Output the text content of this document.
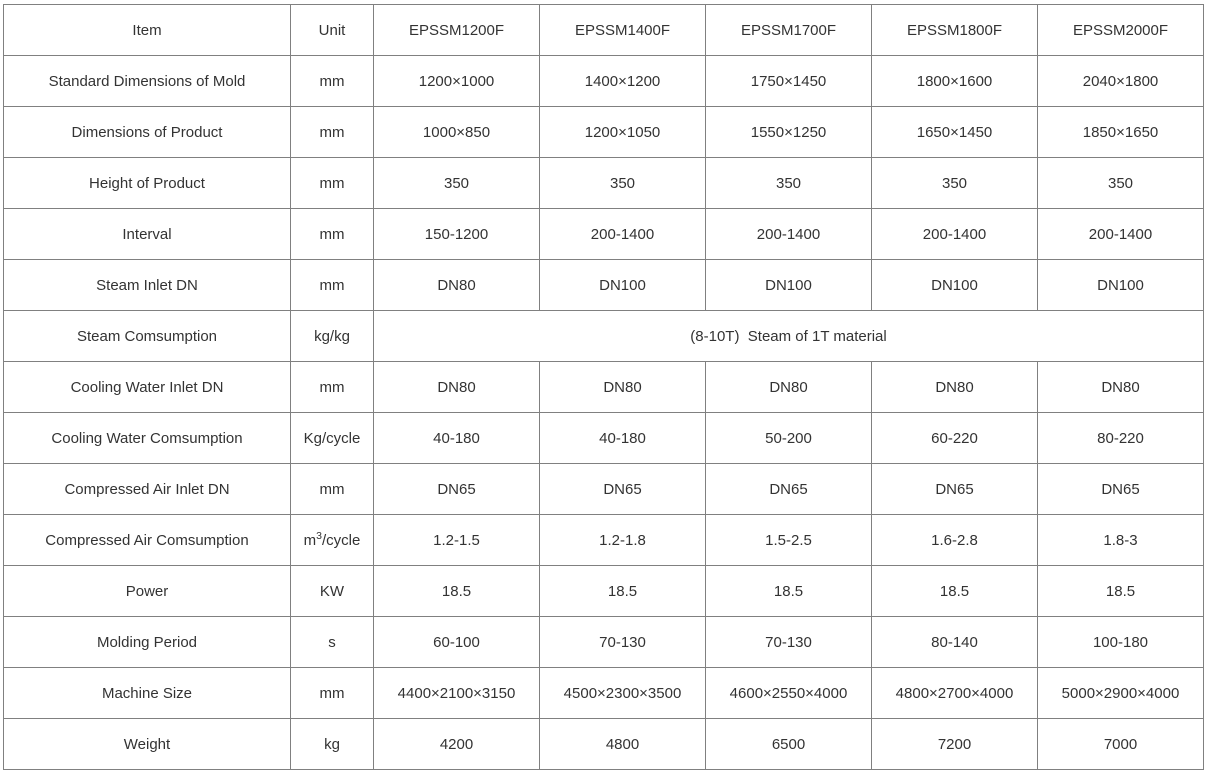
Item	Unit	EPSSM1200F	EPSSM1400F	EPSSM1700F	EPSSM1800F	EPSSM2000F
Standard Dimensions of Mold	mm	1200×1000	1400×1200	1750×1450	1800×1600	2040×1800
Dimensions of Product	mm	1000×850	1200×1050	1550×1250	1650×1450	1850×1650
Height of Product	mm	350	350	350	350	350
Interval	mm	150-1200	200-1400	200-1400	200-1400	200-1400
Steam Inlet DN	mm	DN80	DN100	DN100	DN100	DN100
Steam Comsumption	kg/kg	(8-10T)  Steam of 1T material				
Cooling Water Inlet DN	mm	DN80	DN80	DN80	DN80	DN80
Cooling Water Comsumption	Kg/cycle	40-180	40-180	50-200	60-220	80-220
Compressed Air Inlet DN	mm	DN65	DN65	DN65	DN65	DN65
Compressed Air Comsumption	$m^3$/cycle	1.2-1.5	1.2-1.8	1.5-2.5	1.6-2.8	1.8-3
Power	KW	18.5	18.5	18.5	18.5	18.5
Molding Period	s	60-100	70-130	70-130	80-140	100-180
Machine Size	mm	4400×2100×3150	4500×2300×3500	4600×2550×4000	4800×2700×4000	5000×2900×4000
Weight	kg	4200	4800	6500	7200	7000
